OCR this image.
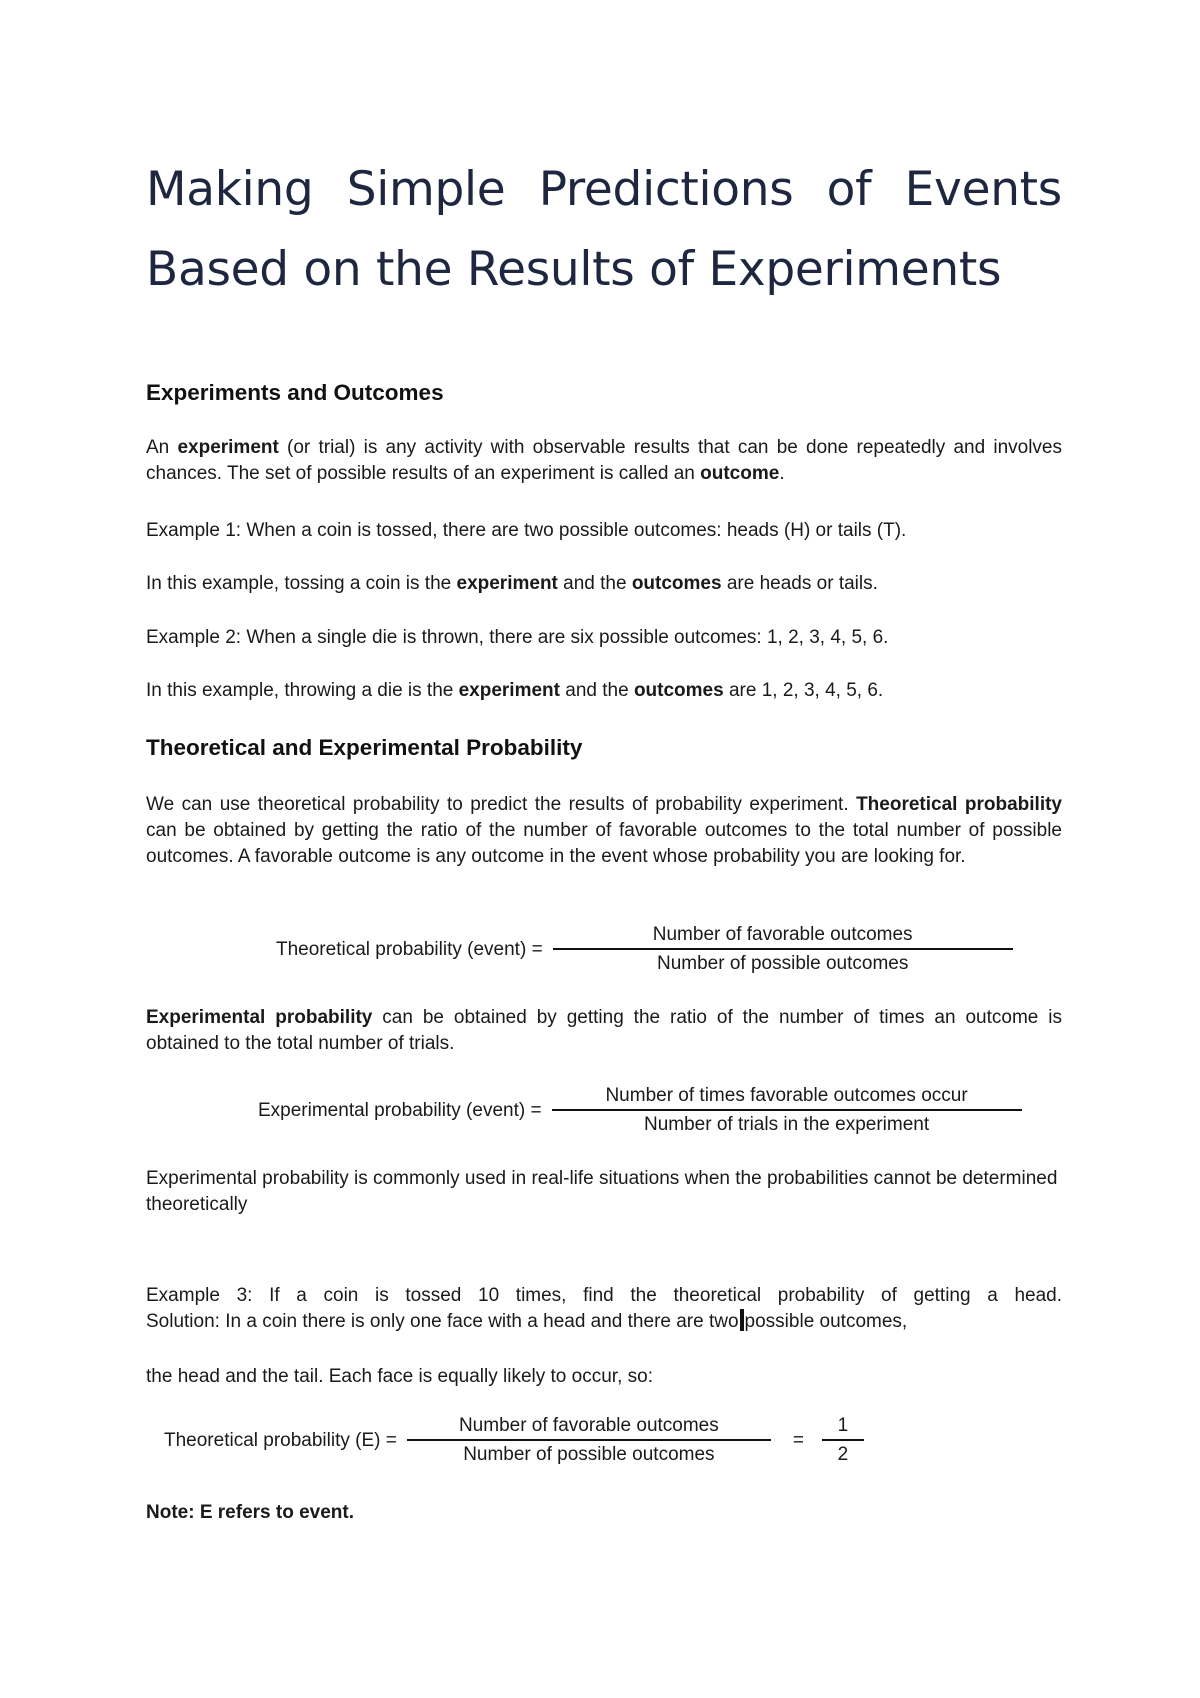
Making Simple Predictions of Events
Based on the Results of Experiments
Experiments and Outcomes

An experiment (or trial) is any activity with observable results that can be done repeatedly and involves chances. The set of possible results of an experiment is called an outcome.

Example 1: When a coin is tossed, there are two possible outcomes: heads (H) or tails (T).

In this example, tossing a coin is the experiment and the outcomes are heads or tails.

Example 2: When a single die is thrown, there are six possible outcomes: 1, 2, 3, 4, 5, 6.

In this example, throwing a die is the experiment and the outcomes are 1, 2, 3, 4, 5, 6.

Theoretical and Experimental Probability

We can use theoretical probability to predict the results of probability experiment. Theoretical probability can be obtained by getting the ratio of the number of favorable outcomes to the total number of possible outcomes. A favorable outcome is any outcome in the event whose probability you are looking for.

Theoretical probability (event) = $\frac{\text{Number of favorable outcomes}}{\text{Number of possible outcomes}}$

Experimental probability can be obtained by getting the ratio of the number of times an outcome is obtained to the total number of trials.

Experimental probability (event) = $\frac{\text{Number of times favorable outcomes occur}}{\text{Number of trials in the experiment}}$

Experimental probability is commonly used in real-life situations when the probabilities cannot be determined theoretically

Example 3: If a coin is tossed 10 times, find the theoretical probability of getting a head.

Solution: In a coin there is only one face with a head and there are two possible outcomes,

the head and the tail. Each face is equally likely to occur, so:

Theoretical probability $(E) = \frac{\text{Number of favorable outcomes}}{\text{Number of possible outcomes}} = \frac{1}{2}$

Note: E refers to event.
